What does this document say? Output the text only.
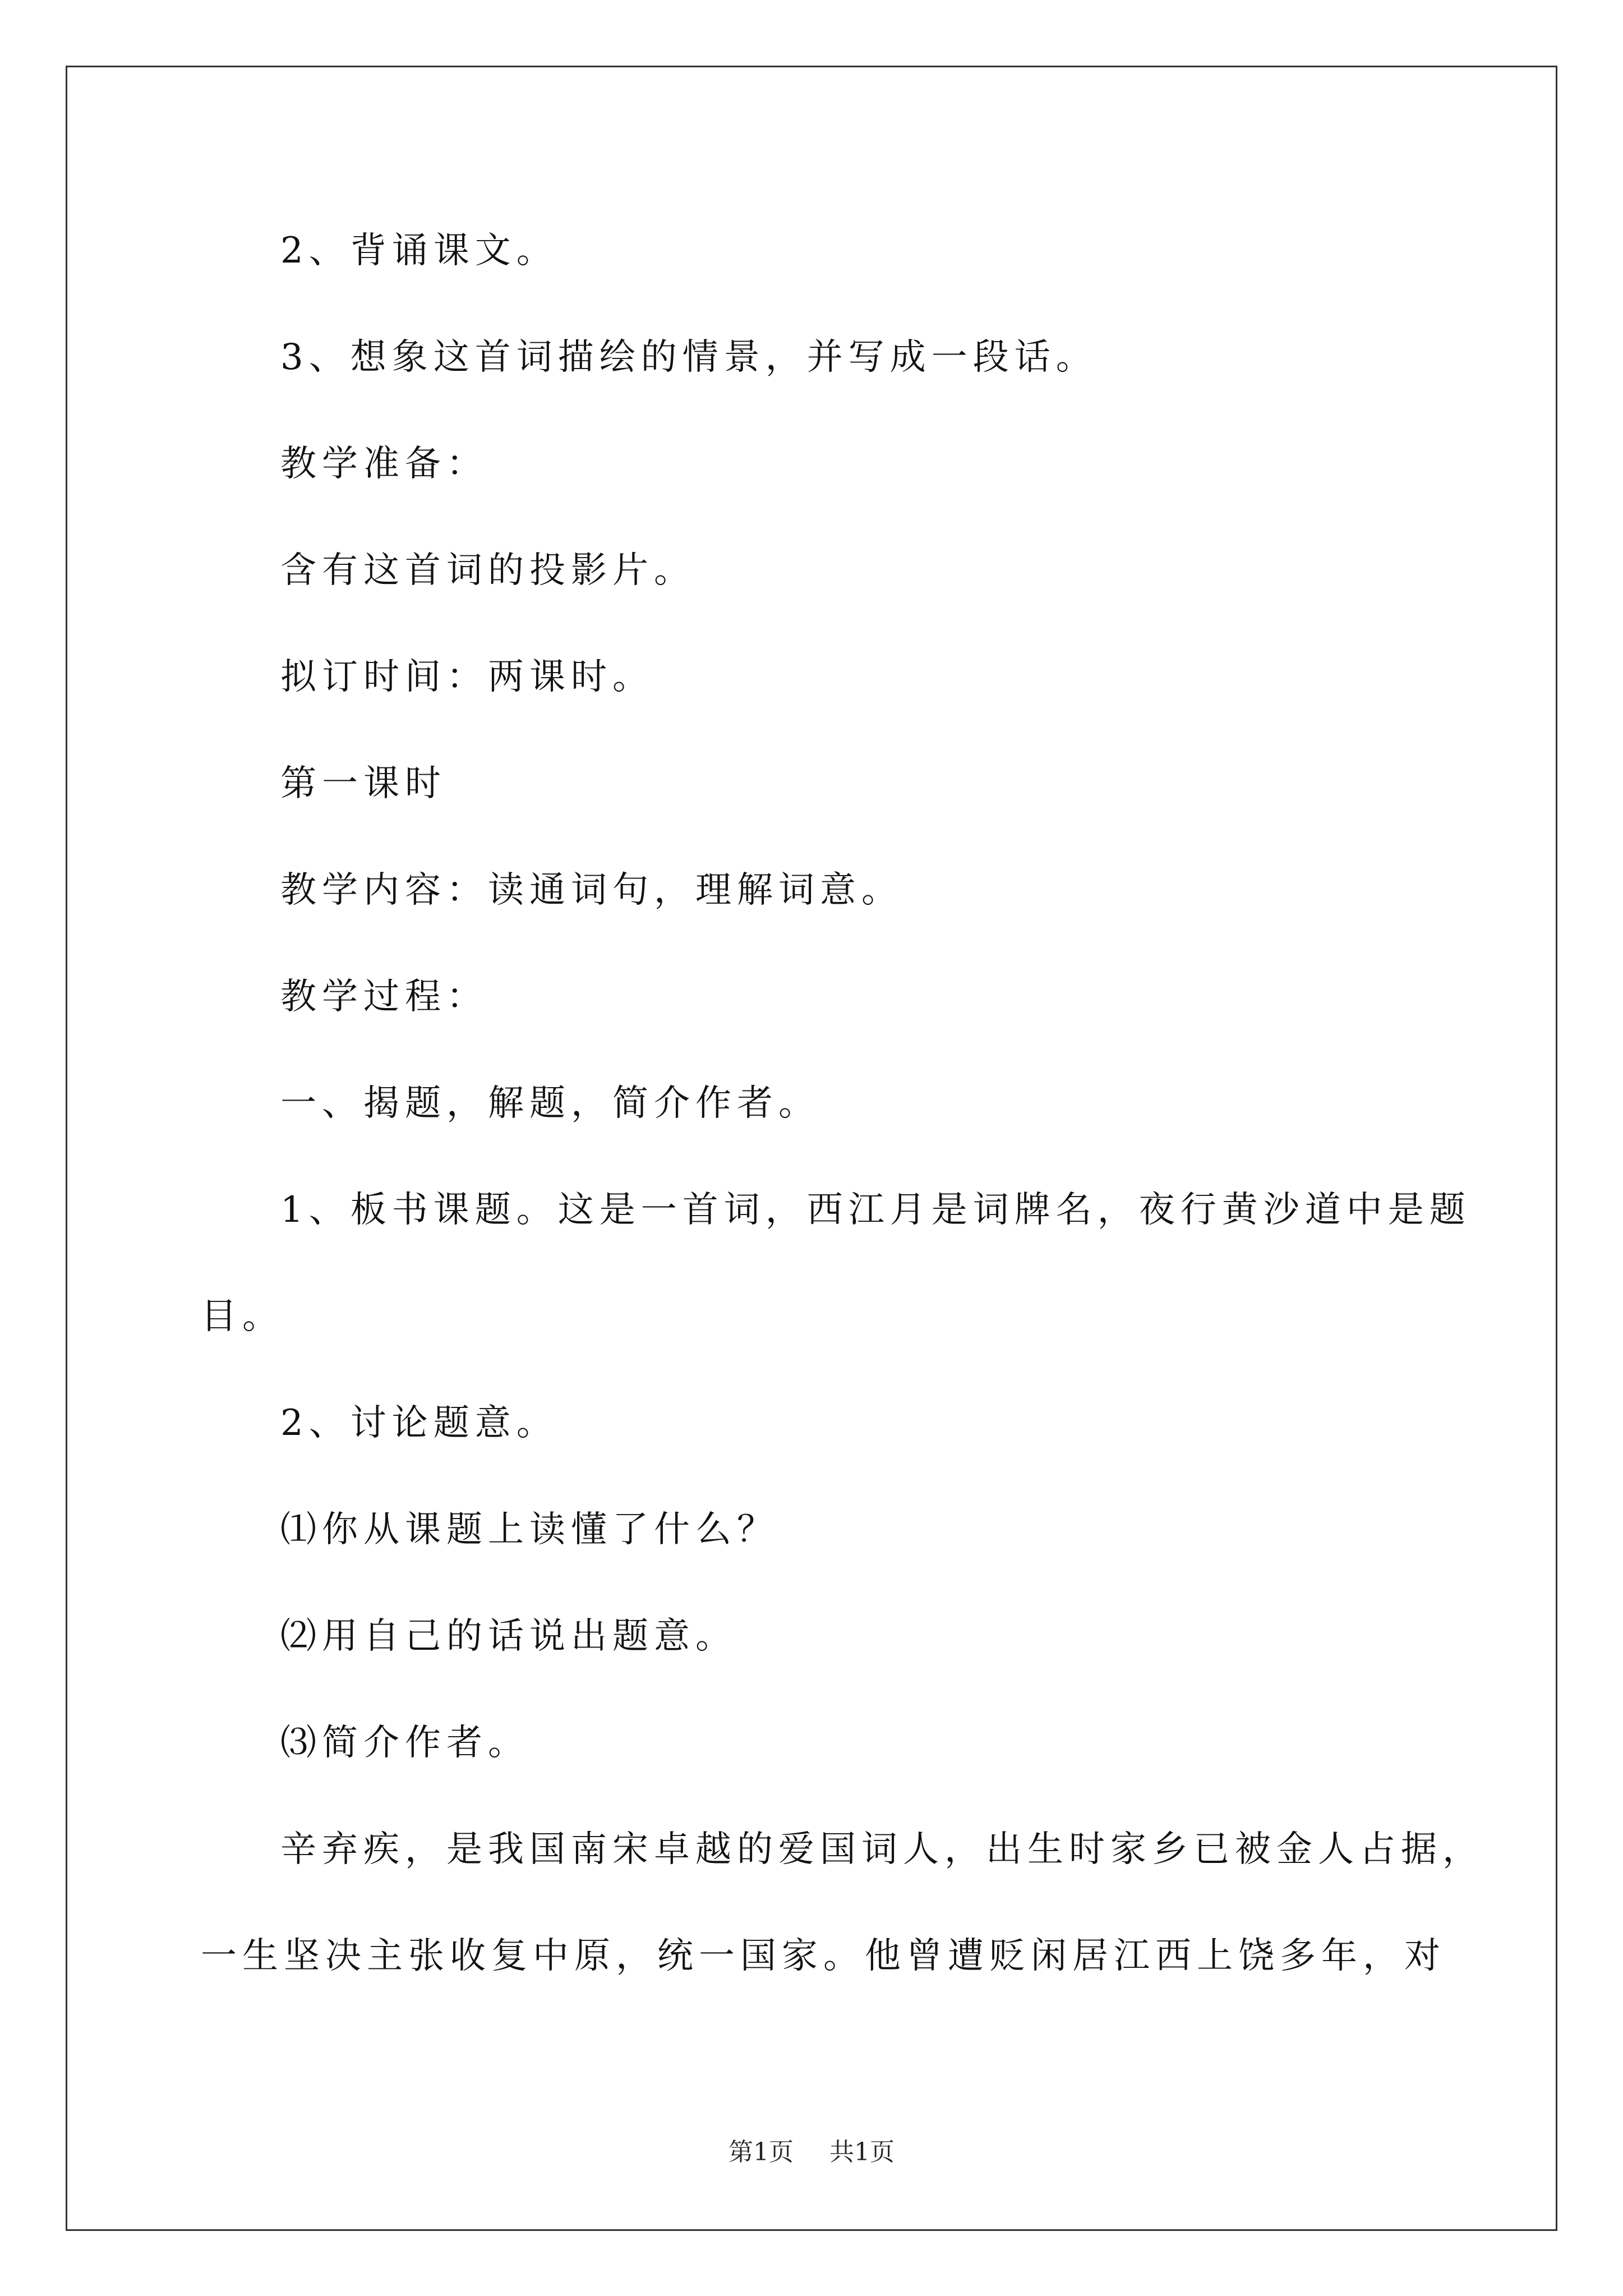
2、背诵课文。
3、想象这首词描绘的情景，并写成一段话。
教学准备：
含有这首词的投影片。
拟订时间：两课时。
第一课时
教学内容：读通词句，理解词意。
教学过程：
一、揭题，解题，简介作者。
1、板书课题。这是一首词，西江月是词牌名，夜行黄沙道中是题
目。
2、讨论题意。
⑴你从课题上读懂了什么？
⑵用自己的话说出题意。
⑶简介作者。
辛弃疾，是我国南宋卓越的爱国词人，出生时家乡已被金人占据，
一生坚决主张收复中原，统一国家。他曾遭贬闲居江西上饶多年，对
第1页 共1页
